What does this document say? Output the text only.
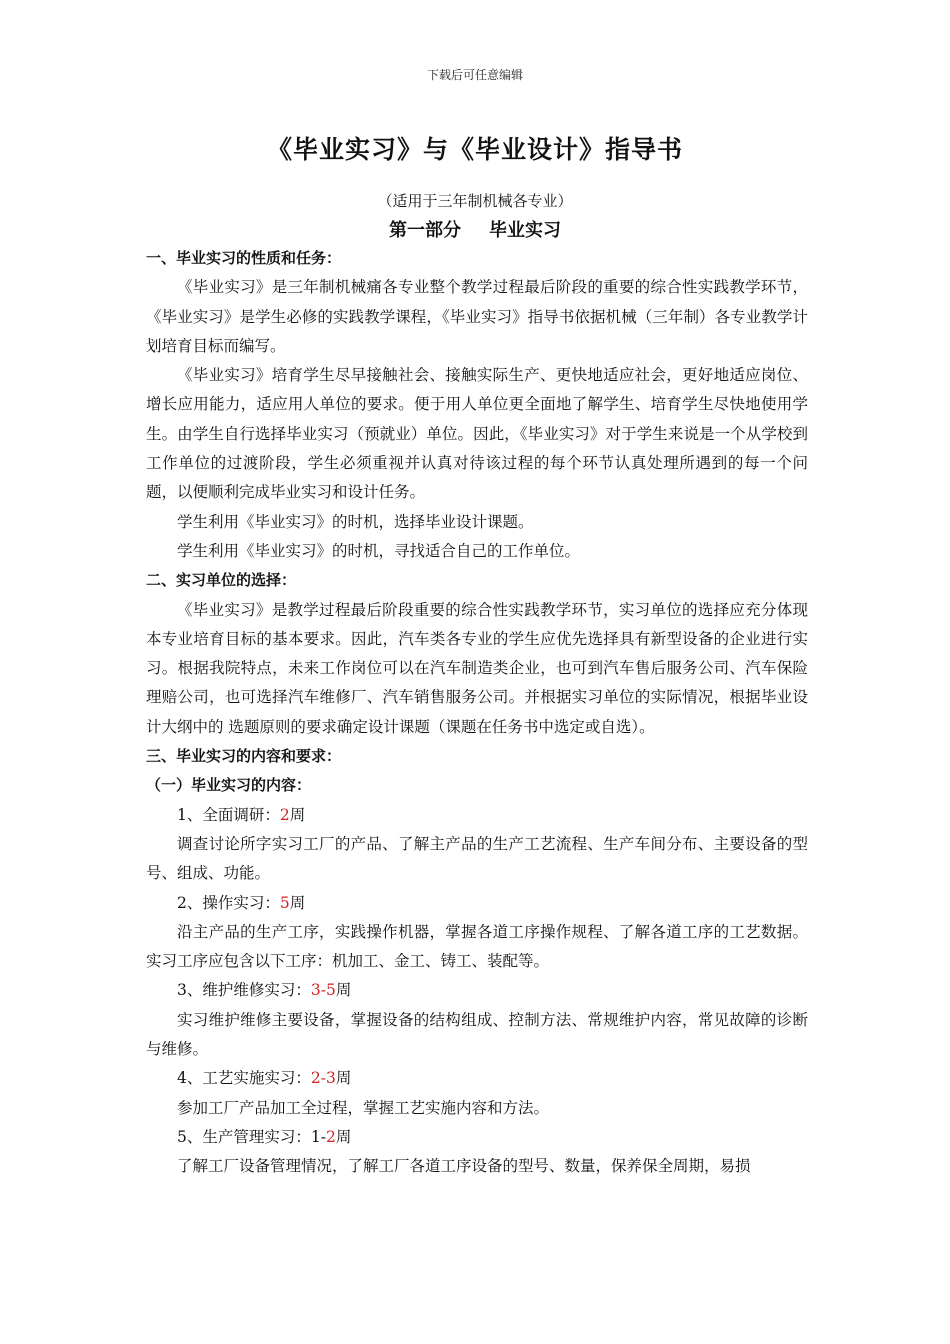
下载后可任意编辑
《毕业实习》与《毕业设计》指导书
（适用于三年制机械各专业）
第一部分 毕业实习
一、毕业实习的性质和任务：

《毕业实习》是三年制机械痛各专业整个教学过程最后阶段的重要的综合性实践教学环节，《毕业实习》是学生必修的实践教学课程，《毕业实习》指导书依据机械（三年制）各专业教学计划培育目标而编写。

《毕业实习》培育学生尽早接触社会、接触实际生产、更快地适应社会，更好地适应岗位、增长应用能力，适应用人单位的要求。便于用人单位更全面地了解学生、培育学生尽快地使用学生。由学生自行选择毕业实习（预就业）单位。因此，《毕业实习》对于学生来说是一个从学校到工作单位的过渡阶段，学生必须重视并认真对待该过程的每个环节认真处理所遇到的每一个问题，以便顺利完成毕业实习和设计任务。

学生利用《毕业实习》的时机，选择毕业设计课题。

学生利用《毕业实习》的时机，寻找适合自己的工作单位。

二、实习单位的选择：

《毕业实习》是教学过程最后阶段重要的综合性实践教学环节，实习单位的选择应充分体现本专业培育目标的基本要求。因此，汽车类各专业的学生应优先选择具有新型设备的企业进行实习。根据我院特点，未来工作岗位可以在汽车制造类企业，也可到汽车售后服务公司、汽车保险理赔公司，也可选择汽车维修厂、汽车销售服务公司。并根据实习单位的实际情况，根据毕业设计大纲中的 选题原则的要求确定设计课题（课题在任务书中选定或自选）。

三、毕业实习的内容和要求：
（一）毕业实习的内容：
1、全面调研：2周

调查讨论所字实习工厂的产品、了解主产品的生产工艺流程、生产车间分布、主要设备的型号、组成、功能。

2、操作实习：5周

沿主产品的生产工序，实践操作机器，掌握各道工序操作规程、了解各道工序的工艺数据。实习工序应包含以下工序：机加工、金工、铸工、装配等。

3、维护维修实习：3-5周

实习维护维修主要设备，掌握设备的结构组成、控制方法、常规维护内容，常见故障的诊断与维修。

4、工艺实施实习：2-3周

参加工厂产品加工全过程，掌握工艺实施内容和方法。

5、生产管理实习：1-2周

了解工厂设备管理情况，了解工厂各道工序设备的型号、数量，保养保全周期，易损
